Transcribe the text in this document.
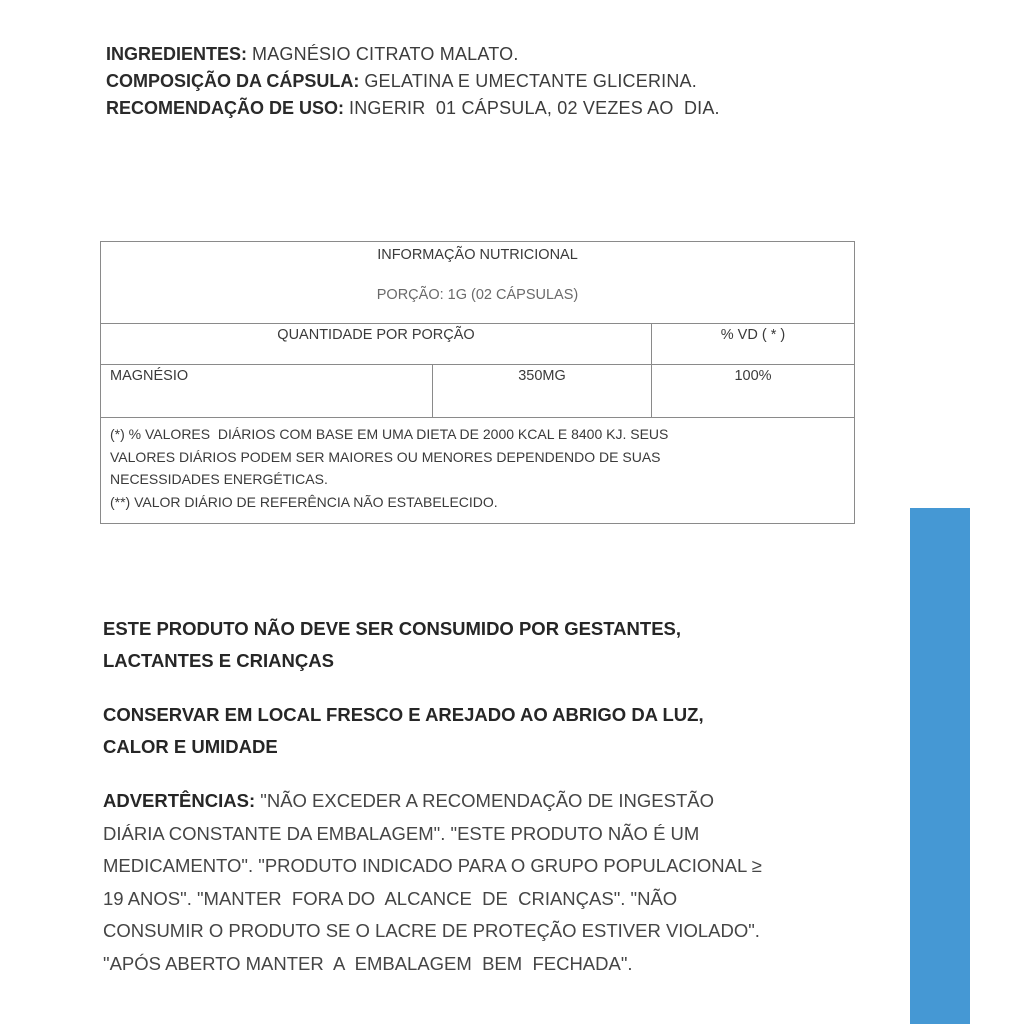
INGREDIENTES: MAGNÉSIO CITRATO MALATO.
COMPOSIÇÃO DA CÁPSULA: GELATINA E UMECTANTE GLICERINA.
RECOMENDAÇÃO DE USO: INGERIR  01 CÁPSULA, 02 VEZES AO  DIA.
INFORMAÇÃO NUTRICIONAL
PORÇÃO: 1G (02 CÁPSULAS)
QUANTIDADE POR PORÇÃO	% VD ( * )
MAGNÉSIO	350MG	100%
(*) % VALORES  DIÁRIOS COM BASE EM UMA DIETA DE 2000 KCAL E 8400 KJ. SEUS
VALORES DIÁRIOS PODEM SER MAIORES OU MENORES DEPENDENDO DE SUAS
NECESSIDADES ENERGÉTICAS.
(**) VALOR DIÁRIO DE REFERÊNCIA NÃO ESTABELECIDO.
ESTE PRODUTO NÃO DEVE SER CONSUMIDO POR GESTANTES,
LACTANTES E CRIANÇAS
CONSERVAR EM LOCAL FRESCO E AREJADO AO ABRIGO DA LUZ,
CALOR E UMIDADE
ADVERTÊNCIAS: "NÃO EXCEDER A RECOMENDAÇÃO DE INGESTÃO
DIÁRIA CONSTANTE DA EMBALAGEM". "ESTE PRODUTO NÃO É UM
MEDICAMENTO". "PRODUTO INDICADO PARA O GRUPO POPULACIONAL ≥
19 ANOS". "MANTER  FORA DO  ALCANCE  DE  CRIANÇAS". "NÃO
CONSUMIR O PRODUTO SE O LACRE DE PROTEÇÃO ESTIVER VIOLADO".
"APÓS ABERTO MANTER  A  EMBALAGEM  BEM  FECHADA".
